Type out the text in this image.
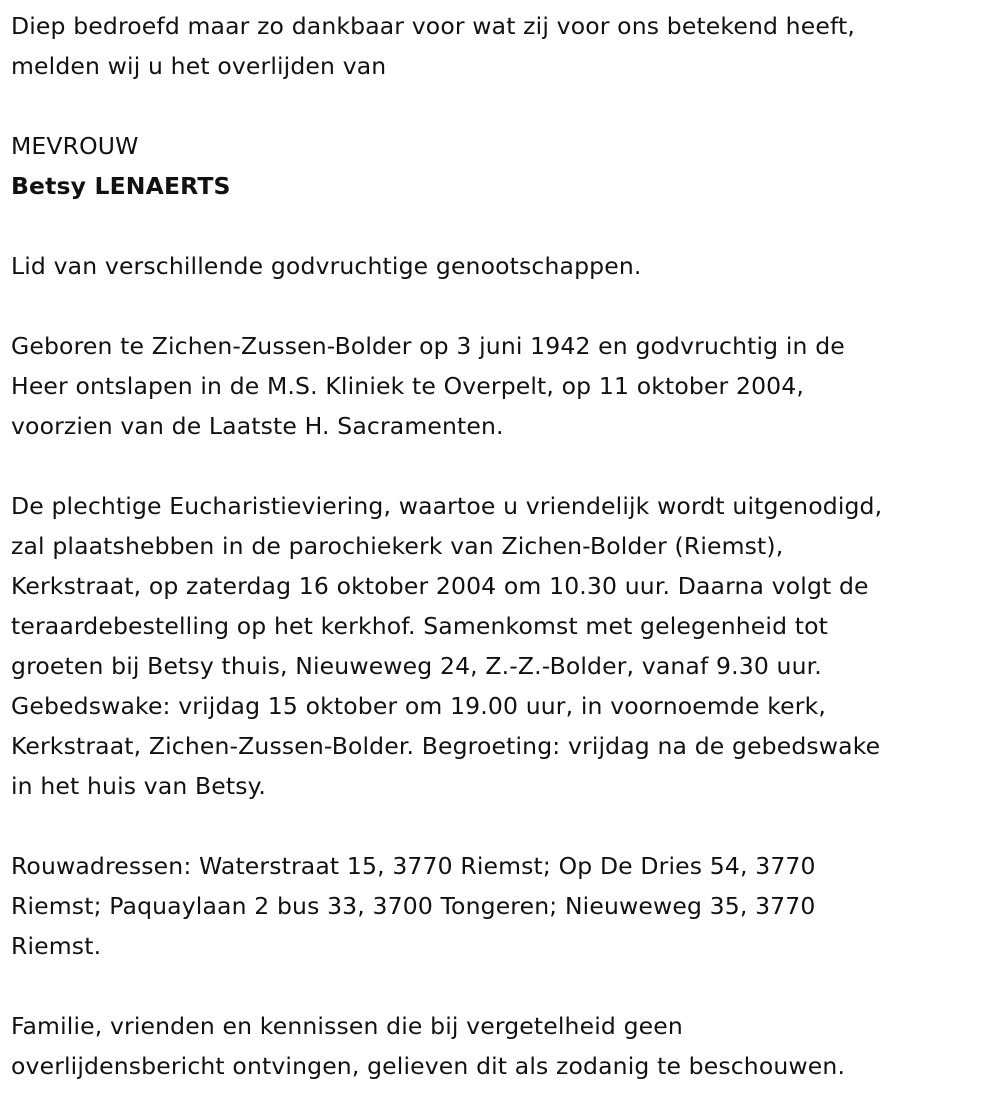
Diep bedroefd maar zo dankbaar voor wat zij voor ons betekend heeft,
melden wij u het overlijden van
MEVROUW
Betsy LENAERTS
Lid van verschillende godvruchtige genootschappen.
Geboren te Zichen-Zussen-Bolder op 3 juni 1942 en godvruchtig in de
Heer ontslapen in de M.S. Kliniek te Overpelt, op 11 oktober 2004,
voorzien van de Laatste H. Sacramenten.
De plechtige Eucharistieviering, waartoe u vriendelijk wordt uitgenodigd,
zal plaatshebben in de parochiekerk van Zichen-Bolder (Riemst),
Kerkstraat, op zaterdag 16 oktober 2004 om 10.30 uur. Daarna volgt de
teraardebestelling op het kerkhof. Samenkomst met gelegenheid tot
groeten bij Betsy thuis, Nieuweweg 24, Z.-Z.-Bolder, vanaf 9.30 uur.
Gebedswake: vrijdag 15 oktober om 19.00 uur, in voornoemde kerk,
Kerkstraat, Zichen-Zussen-Bolder. Begroeting: vrijdag na de gebedswake
in het huis van Betsy.
Rouwadressen: Waterstraat 15, 3770 Riemst; Op De Dries 54, 3770
Riemst; Paquaylaan 2 bus 33, 3700 Tongeren; Nieuweweg 35, 3770
Riemst.
Familie, vrienden en kennissen die bij vergetelheid geen
overlijdensbericht ontvingen, gelieven dit als zodanig te beschouwen.
